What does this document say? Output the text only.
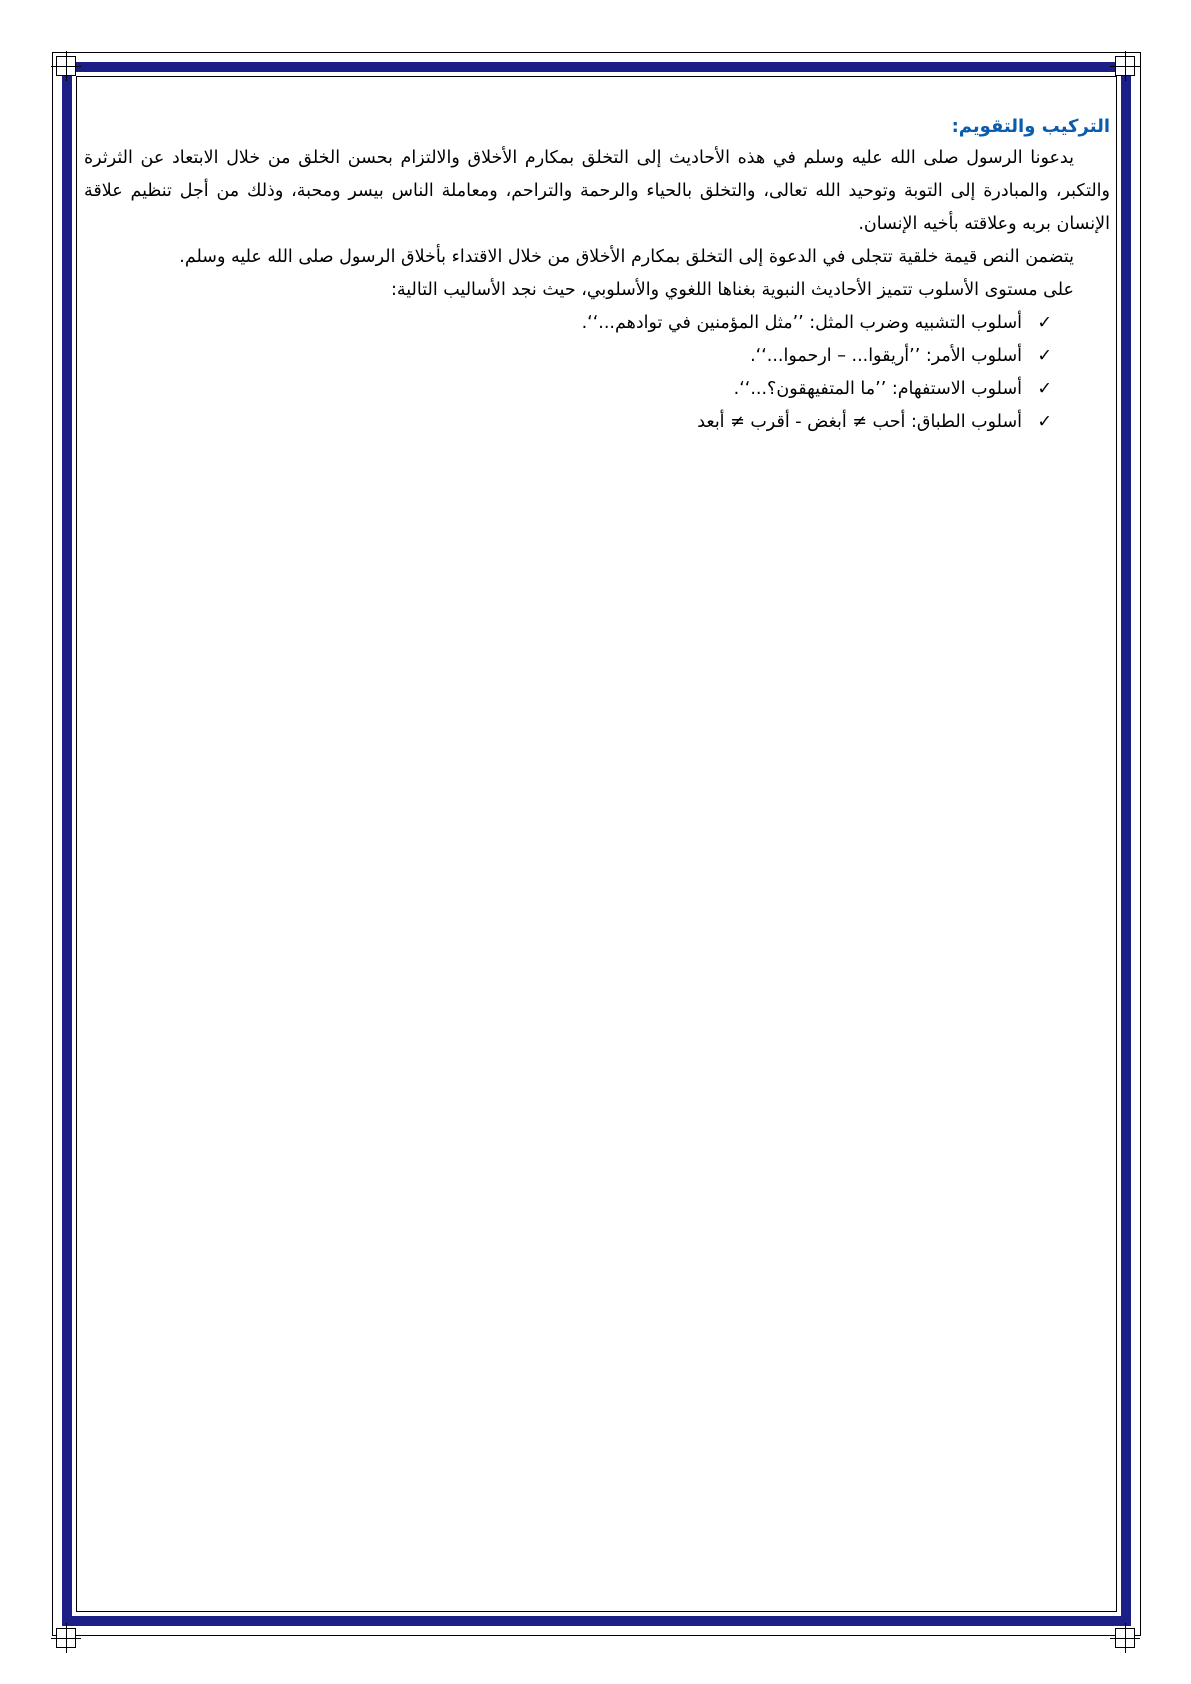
التركيب والتقويم:

يدعونا الرسول صلى الله عليه وسلم في هذه الأحاديث إلى التخلق بمكارم الأخلاق والالتزام بحسن الخلق من خلال الابتعاد عن الثرثرة والتكبر، والمبادرة إلى التوبة وتوحيد الله تعالى، والتخلق بالحياء والرحمة والتراحم، ومعاملة الناس بيسر ومحبة، وذلك من أجل تنظيم علاقة الإنسان بربه وعلاقته بأخيه الإنسان.

يتضمن النص قيمة خلقية تتجلى في الدعوة إلى التخلق بمكارم الأخلاق من خلال الاقتداء بأخلاق الرسول صلى الله عليه وسلم.

على مستوى الأسلوب تتميز الأحاديث النبوية بغناها اللغوي والأسلوبي، حيث نجد الأساليب التالية:

✓
أسلوب التشبيه وضرب المثل: ’’مثل المؤمنين في توادهم...‘‘.
✓
أسلوب الأمر: ’’أريقوا... – ارحموا...‘‘.
✓
أسلوب الاستفهام: ’’ما المتفيهقون؟...‘‘.
✓
أسلوب الطباق: أحب ≠ أبغض - أقرب ≠ أبعد
